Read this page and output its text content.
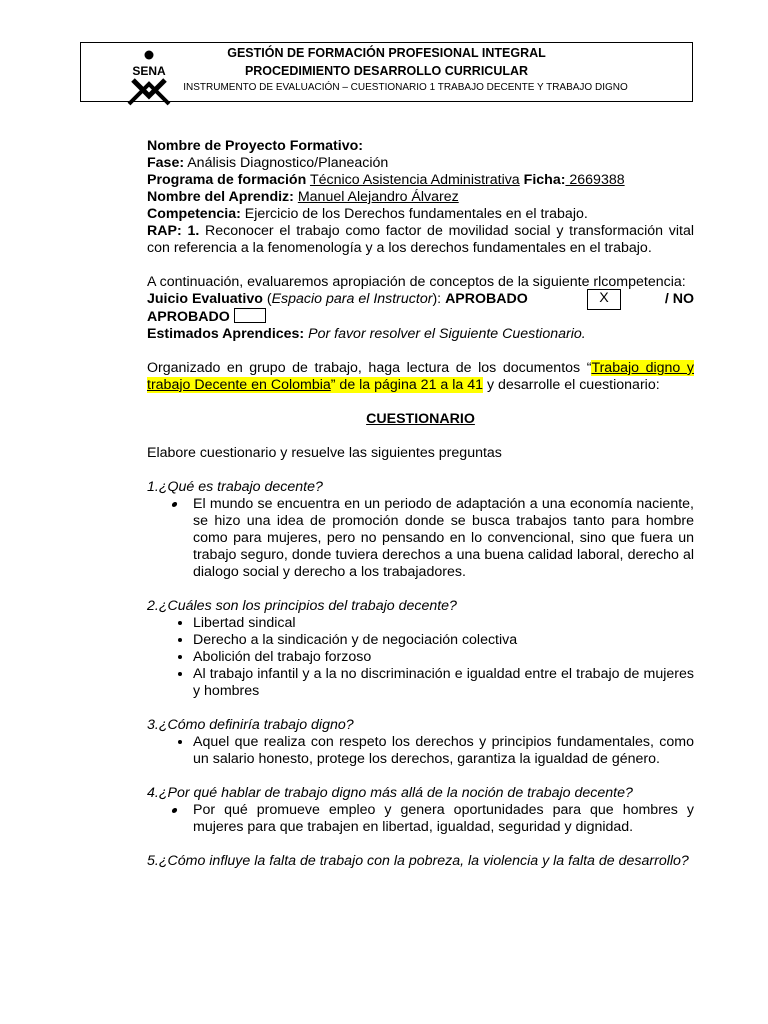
SENA
GESTIÓN DE FORMACIÓN PROFESIONAL INTEGRAL
PROCEDIMIENTO DESARROLLO CURRICULAR
INSTRUMENTO DE EVALUACIÓN – CUESTIONARIO 1 TRABAJO DECENTE Y TRABAJO DIGNO

Nombre de Proyecto Formativo:

Fase: Análisis Diagnostico/Planeación

Programa de formación Técnico Asistencia Administrativa Ficha: 2669388

Nombre del Aprendiz: Manuel Alejandro Álvarez

Competencia: Ejercicio de los Derechos fundamentales en el trabajo.

RAP: 1. Reconocer el trabajo como factor de movilidad social y transformación vital con referencia a la fenomenología y a los derechos fundamentales en el trabajo.

A continuación, evaluaremos apropiación de conceptos de la siguiente rlcompetencia:

Juicio Evaluativo (Espacio para el Instructor): APROBADO	X	/ NO

APROBADO

Estimados Aprendices: Por favor resolver el Siguiente Cuestionario.

Organizado en grupo de trabajo, haga lectura de los documentos “Trabajo digno y trabajo Decente en Colombia” de la página 21 a la 41 y desarrolle el cuestionario:

CUESTIONARIO

Elabore cuestionario y resuelve las siguientes preguntas

1.¿Qué es trabajo decente?

El mundo se encuentra en un periodo de adaptación a una economía naciente, se hizo una idea de promoción donde se busca trabajos tanto para hombre como para mujeres, pero no pensando en lo convencional, sino que fuera un trabajo seguro, donde tuviera derechos a una buena calidad laboral, derecho al dialogo social y derecho a los trabajadores.

2.¿Cuáles son los principios del trabajo decente?

• Libertad sindical
• Derecho a la sindicación y de negociación colectiva
• Abolición del trabajo forzoso
• Al trabajo infantil y a la no discriminación e igualdad entre el trabajo de mujeres y hombres

3.¿Cómo definiría trabajo digno?

• Aquel que realiza con respeto los derechos y principios fundamentales, como un salario honesto, protege los derechos, garantiza la igualdad de género.

4.¿Por qué hablar de trabajo digno más allá de la noción de trabajo decente?

Por qué promueve empleo y genera oportunidades para que hombres y mujeres para que trabajen en libertad, igualdad, seguridad y dignidad.

5.¿Cómo influye la falta de trabajo con la pobreza, la violencia y la falta de desarrollo?
